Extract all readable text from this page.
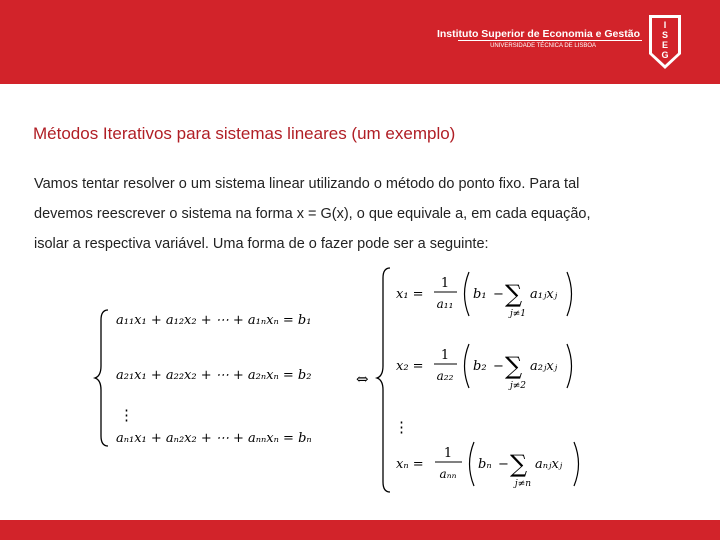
Instituto Superior de Economia e Gestão
UNIVERSIDADE TÉCNICA DE LISBOA
I
S
E
G
Métodos Iterativos para sistemas lineares (um exemplo)
Vamos tentar resolver o um sistema linear utilizando o método do ponto fixo. Para tal
devemos reescrever o sistema na forma x = G(x), o que equivale a, em cada equação,
isolar a respectiva variável. Uma forma de o fazer pode ser a seguinte:
a₁₁x₁ + a₁₂x₂ + ⋯ + a₁ₙxₙ = b₁
a₂₁x₁ + a₂₂x₂ + ⋯ + a₂ₙxₙ = b₂
⋮
aₙ₁x₁ + aₙ₂x₂ + ⋯ + aₙₙxₙ = bₙ
⇔
x₁ =
1
a₁₁
b₁ − ∑
j≠1
a₁ⱼxⱼ
x₂ =
1
a₂₂
b₂ − ∑
j≠2
a₂ⱼxⱼ
⋮
xₙ =
1
aₙₙ
bₙ − ∑
j≠n
aₙⱼxⱼ
